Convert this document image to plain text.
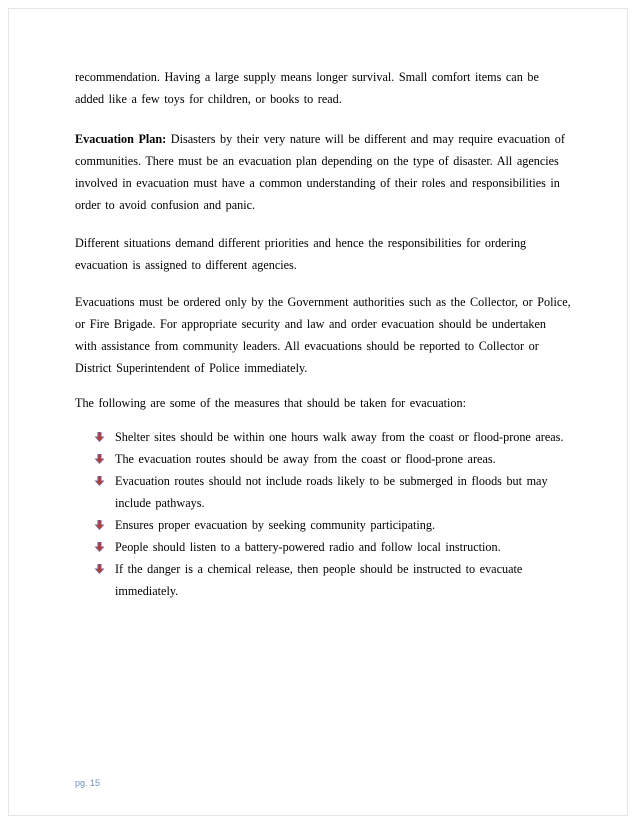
recommendation. Having a large supply means longer survival. Small comfort items can be
added like a few toys for children, or books to read.

Evacuation Plan: Disasters by their very nature will be different and may require evacuation of
communities. There must be an evacuation plan depending on the type of disaster. All agencies
involved in evacuation must have a common understanding of their roles and responsibilities in
order to avoid confusion and panic.

Different situations demand different priorities and hence the responsibilities for ordering
evacuation is assigned to different agencies.

Evacuations must be ordered only by the Government authorities such as the Collector, or Police,
or Fire Brigade. For appropriate security and law and order evacuation should be undertaken
with assistance from community leaders. All evacuations should be reported to Collector or
District Superintendent of Police immediately.

The following are some of the measures that should be taken for evacuation:

Shelter sites should be within one hours walk away from the coast or flood-prone areas.
The evacuation routes should be away from the coast or flood-prone areas.
Evacuation routes should not include roads likely to be submerged in floods but may
include pathways.
Ensures proper evacuation by seeking community participating.
People should listen to a battery-powered radio and follow local instruction.
If the danger is a chemical release, then people should be instructed to evacuate
immediately.
pg. 15
